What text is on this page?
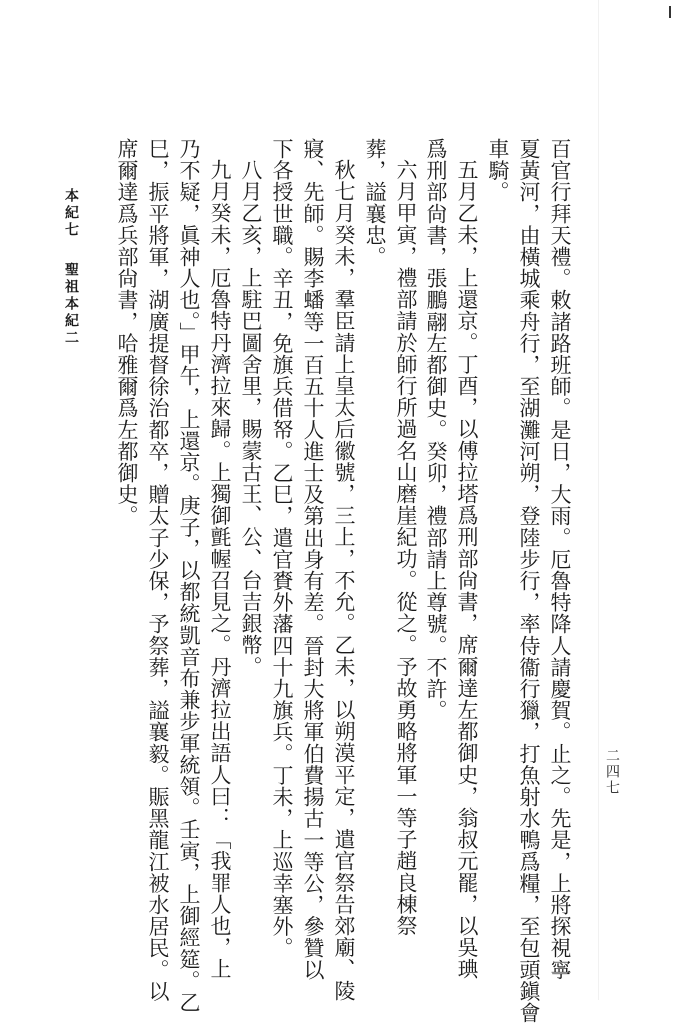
二四七
百官行拜天禮。敕諸路班師。是日，大雨。厄魯特降人請慶賀。止之。先是，上將探視寧
夏黃河，由橫城乘舟行，至湖灘河朔，登陸步行，率侍衞行獵，打魚射水鴨爲糧，至包頭鎭會
車騎。
五月乙未，上還京。丁酉，以傅拉塔爲刑部尙書，席爾達左都御史，翁叔元罷，以吳琠
爲刑部尙書，張鵬翮左都御史。癸卯，禮部請上尊號。不許。
六月甲寅，禮部請於師行所過名山磨崖紀功。從之。予故勇略將軍一等子趙良棟祭
葬，謚襄忠。
秋七月癸未，羣臣請上皇太后徽號，三上，不允。乙未，以朔漠平定，遣官祭告郊廟、陵
寢、先師。賜李蟠等一百五十人進士及第出身有差。晉封大將軍伯費揚古一等公，參贊以
下各授世職。辛丑，免旗兵借帑。乙巳，遣官賚外藩四十九旗兵。丁未，上巡幸塞外。
八月乙亥，上駐巴圖舍里，賜蒙古王、公、台吉銀幣。
九月癸未，厄魯特丹濟拉來歸。上獨御氈幄召見之。丹濟拉出語人曰：「我罪人也，上
乃不疑，眞神人也。」甲午，上還京。庚子，以都統凱音布兼步軍統領。壬寅，上御經筵。乙
巳，振平將軍，湖廣提督徐治都卒，贈太子少保，予祭葬，謚襄毅。賑黑龍江被水居民。以
席爾達爲兵部尙書，哈雅爾爲左都御史。
本紀七
聖祖本紀二
